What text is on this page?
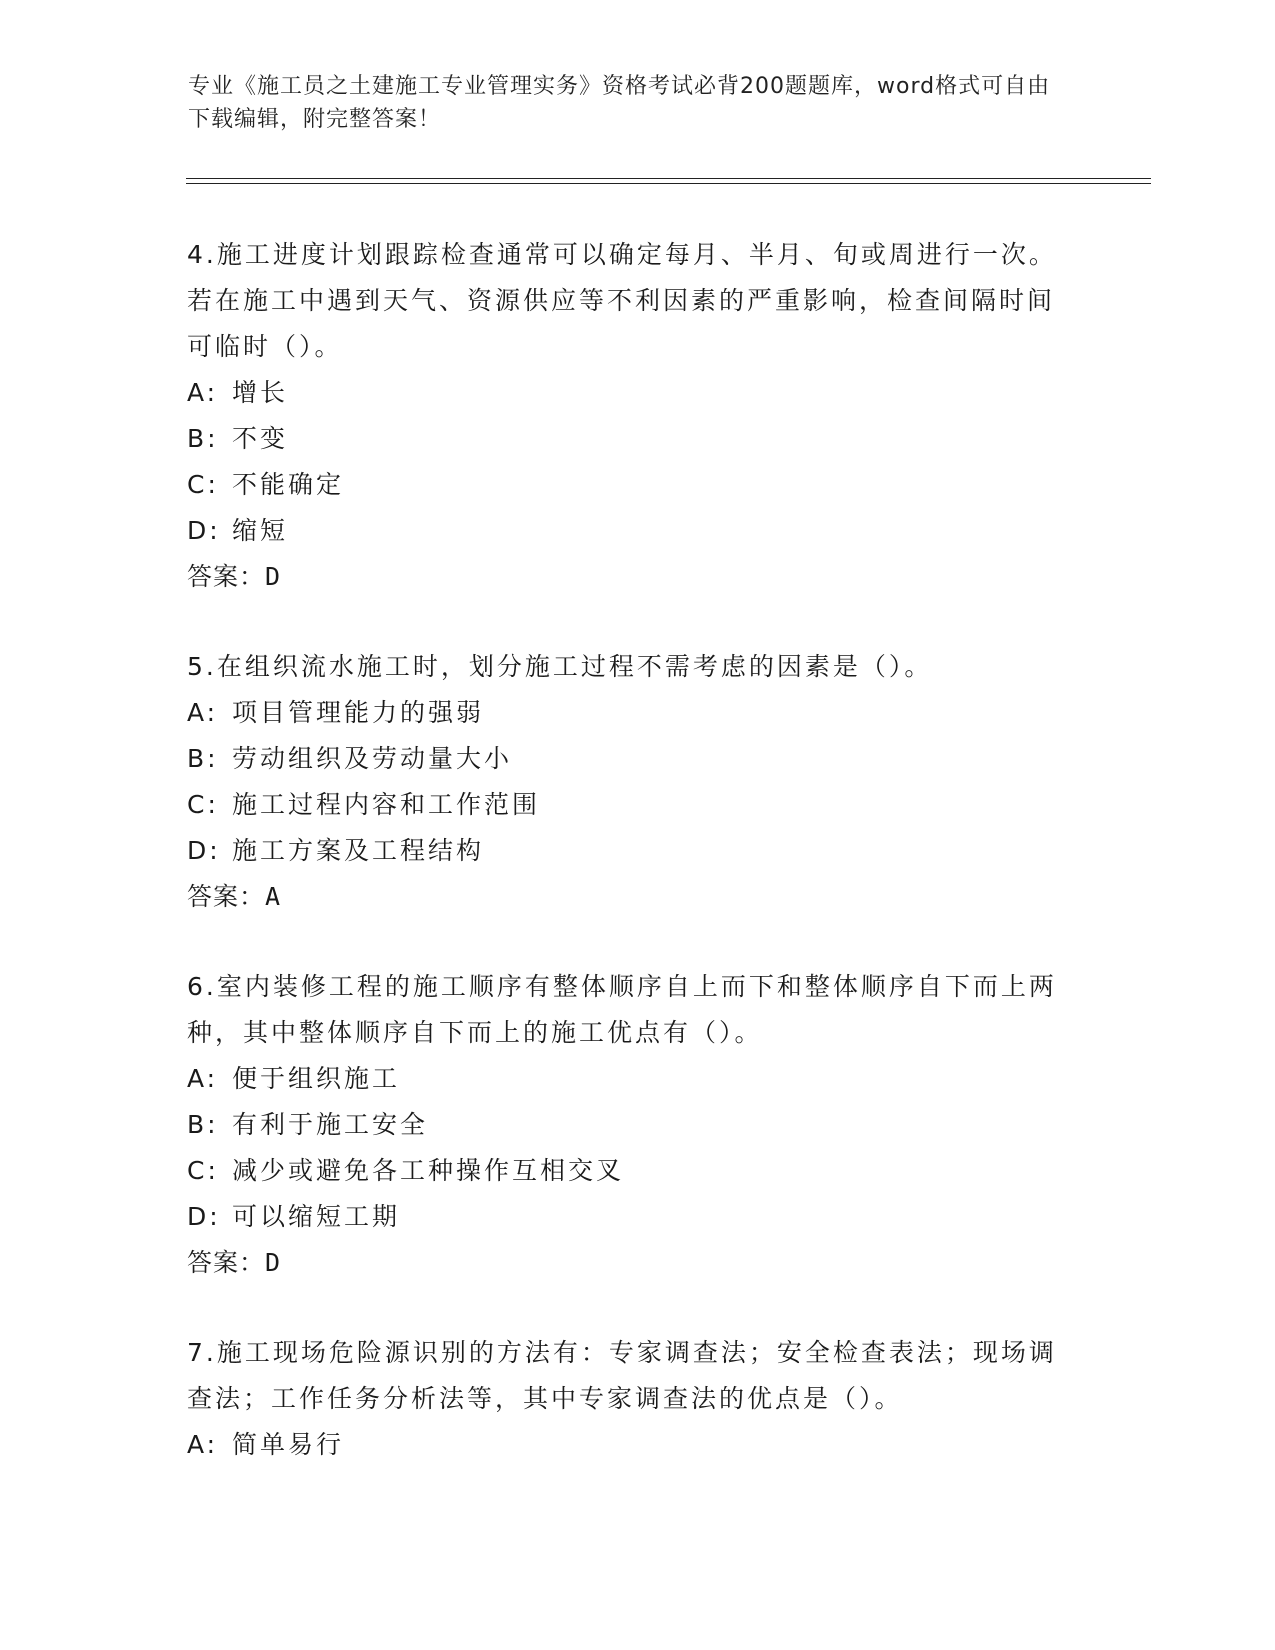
专业《施工员之土建施工专业管理实务》资格考试必背200题题库，word格式可自由下载编辑，附完整答案！
4.施工进度计划跟踪检查通常可以确定每月、半月、旬或周进行一次。若在施工中遇到天气、资源供应等不利因素的严重影响，检查间隔时间可临时（）。
A: 增长
B: 不变
C: 不能确定
D: 缩短
答案：D
5.在组织流水施工时，划分施工过程不需考虑的因素是（）。
A: 项目管理能力的强弱
B: 劳动组织及劳动量大小
C: 施工过程内容和工作范围
D: 施工方案及工程结构
答案：A
6.室内装修工程的施工顺序有整体顺序自上而下和整体顺序自下而上两种，其中整体顺序自下而上的施工优点有（）。
A: 便于组织施工
B: 有利于施工安全
C: 减少或避免各工种操作互相交叉
D: 可以缩短工期
答案：D
7.施工现场危险源识别的方法有：专家调查法；安全检查表法；现场调查法；工作任务分析法等，其中专家调查法的优点是（）。
A: 简单易行
